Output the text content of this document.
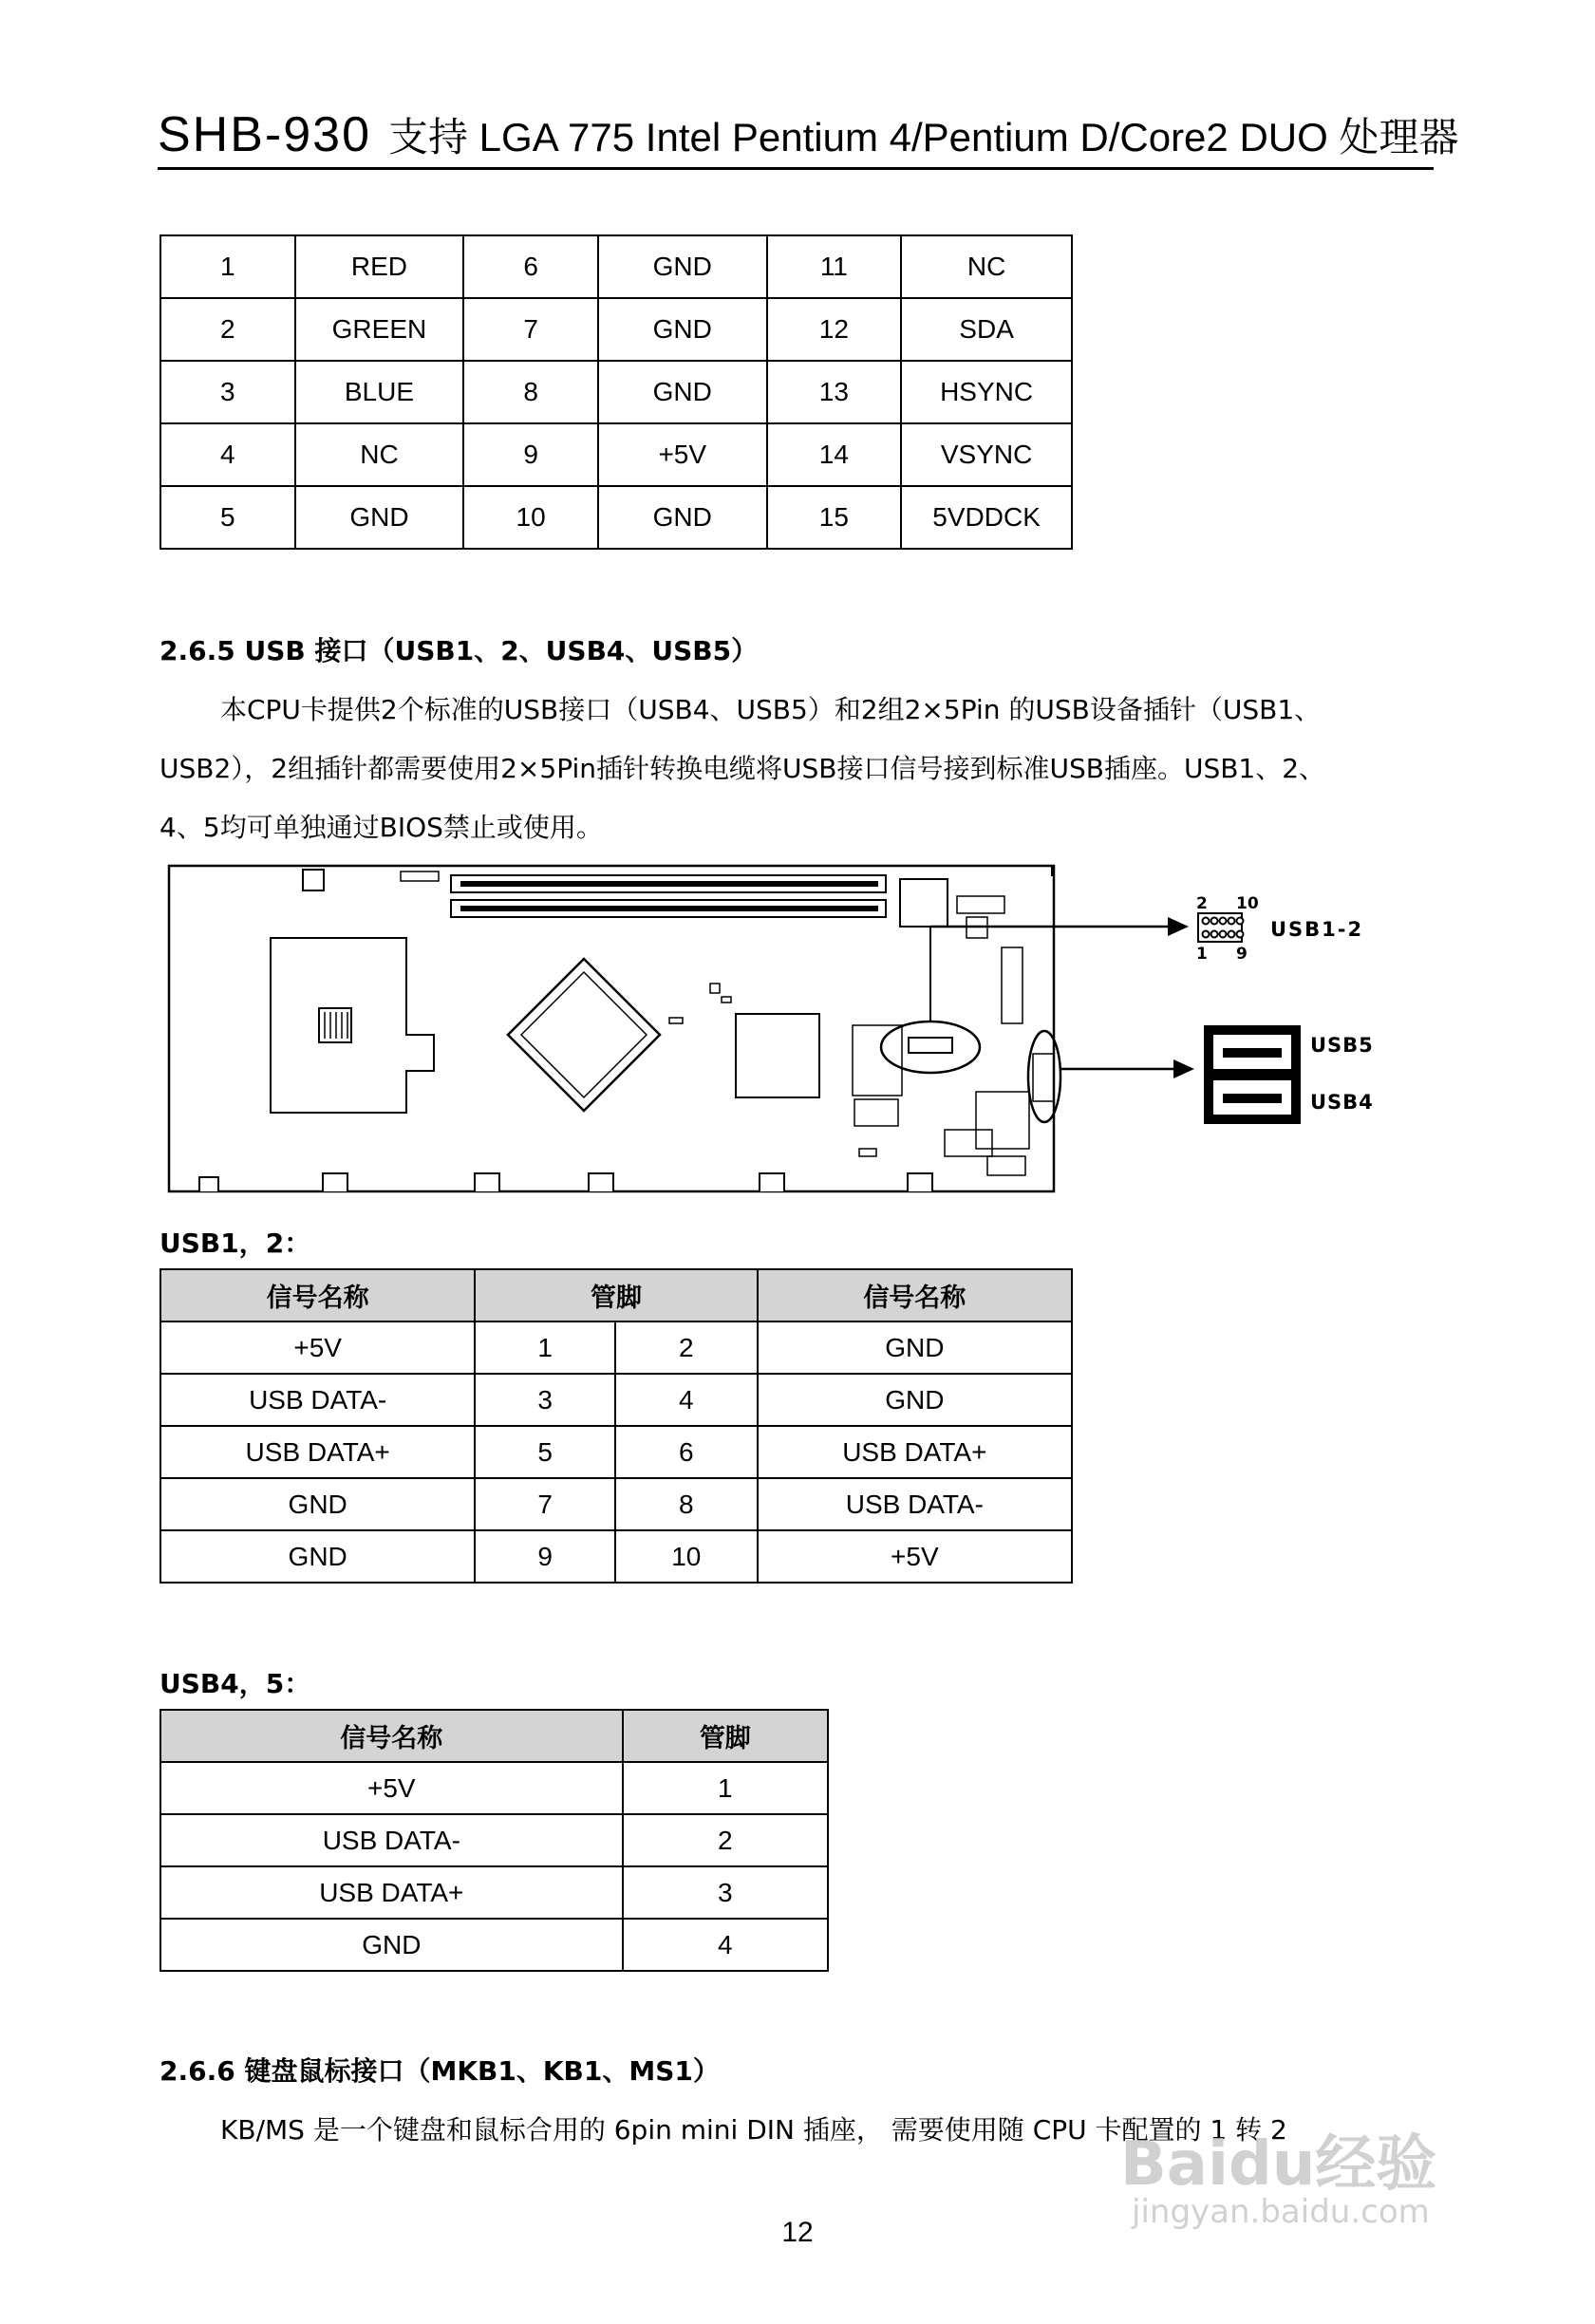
SHB-930 支持 LGA 775 Intel Pentium 4/Pentium D/Core2 DUO 处理器
1	RED	6	GND	11	NC
2	GREEN	7	GND	12	SDA
3	BLUE	8	GND	13	HSYNC
4	NC	9	+5V	14	VSYNC
5	GND	10	GND	15	5VDDCK
2.6.5 USB 接口（USB1、2、USB4、USB5）
本CPU卡提供2个标准的USB接口（USB4、USB5）和2组2×5Pin 的USB设备插针（USB1、
USB2），2组插针都需要使用2×5Pin插针转换电缆将USB接口信号接到标准USB插座。USB1、2、
4、5均可单独通过BIOS禁止或使用。
2 10
1 9
USB1-2
USB5
USB4
USB1，2：
信号名称	管脚		信号名称
+5V	1	2	GND
USB DATA-	3	4	GND
USB DATA+	5	6	USB DATA+
GND	7	8	USB DATA-
GND	9	10	+5V
USB4，5：
信号名称	管脚
+5V	1
USB DATA-	2
USB DATA+	3
GND	4
2.6.6 键盘鼠标接口（MKB1、KB1、MS1）
KB/MS 是一个键盘和鼠标合用的 6pin mini DIN 插座， 需要使用随 CPU 卡配置的 1 转 2
12
Baidu经验
jingyan.baidu.com
